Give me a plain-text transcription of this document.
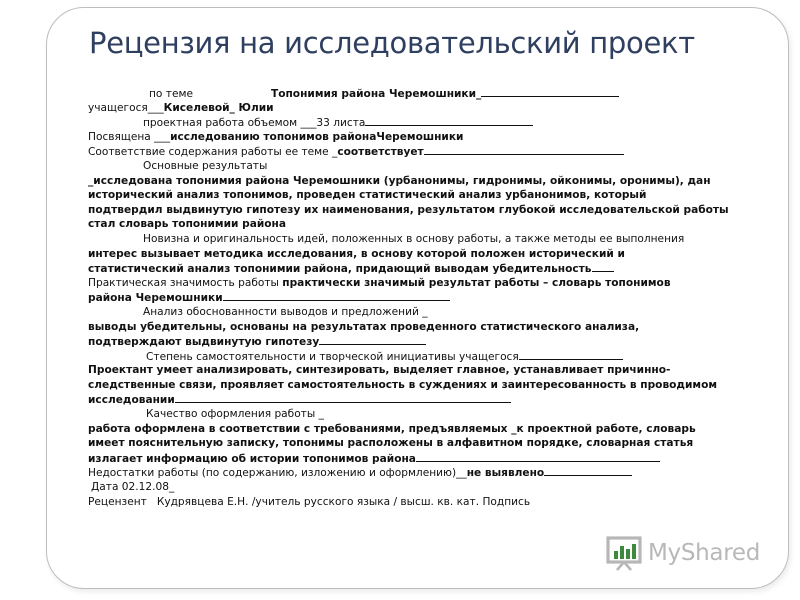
Рецензия на исследовательский проект
по теме	Топонимия района Черемошники_
учащегося___Киселевой_ Юлии
проектная работа объемом ___33 листа
Посвящена ___исследованию топонимов районаЧеремошники
Соответствие содержания работы ее теме _соответствует
Основные результаты
_исследована топонимия района Черемошники (урбанонимы, гидронимы, ойконимы, оронимы), дан
исторический анализ топонимов, проведен статистический анализ урбанонимов, который
подтвердил выдвинутую гипотезу их наименования, результатом глубокой исследовательской работы
стал словарь топонимии района
Новизна и оригинальность идей, положенных в основу работы, а также методы ее выполнения
интерес вызывает методика исследования, в основу которой положен исторический и
статистический анализ топонимии района, придающий выводам убедительность
Практическая значимость работы практически значимый результат работы – словарь топонимов
района Черемошники
Анализ обоснованности выводов и предложений _
выводы убедительны, основаны на результатах проведенного статистического анализа,
подтверждают выдвинутую гипотезу
Степень самостоятельности и творческой инициативы учащегося
Проектант умеет анализировать, синтезировать, выделяет главное, устанавливает причинно-
следственные связи, проявляет самостоятельность в суждениях и заинтересованность в проводимом
исследовании
Качество оформления работы _
работа оформлена в соответствии с требованиями, предъявляемых _к проектной работе, словарь
имеет пояснительную записку, топонимы расположены в алфавитном порядке, словарная статья
излагает информацию об истории топонимов района
Недостатки работы (по содержанию, изложению и оформлению)__не выявлено
Дата 02.12.08_
Рецензент Кудрявцева Е.Н. /учитель русского языка / высш. кв. кат. Подпись
MyShared
